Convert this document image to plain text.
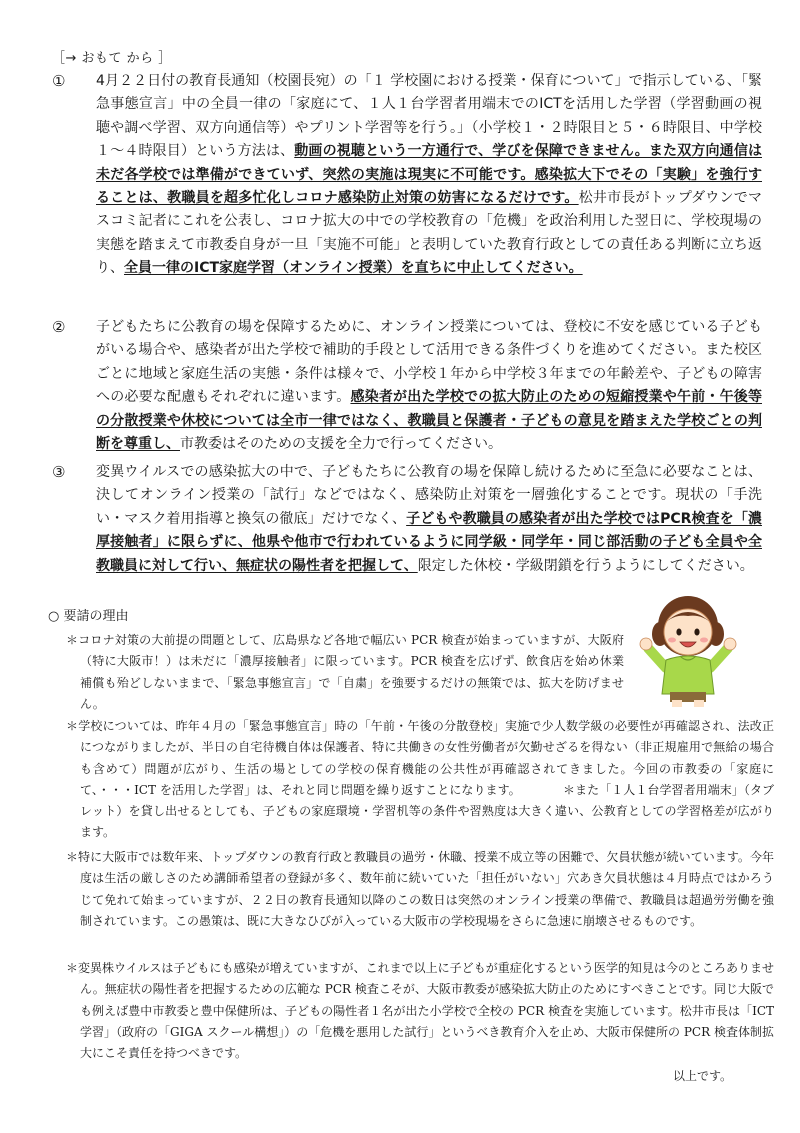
［→ おもて から ］
①	4月２２日付の教育長通知（校園長宛）の「１ 学校園における授業・保育について」で指示している、「緊急事態宣言」中の全員一律の「家庭にて、１人１台学習者用端末でのICTを活用した学習（学習動画の視聴や調べ学習、双方向通信等）やプリント学習等を行う。」（小学校１・２時限目と５・６時限目、中学校１～４時限目）という方法は、動画の視聴という一方通行で、学びを保障できません。また双方向通信は未だ各学校では準備ができていず、突然の実施は現実に不可能です。感染拡大下でその「実験」を強行することは、教職員を超多忙化しコロナ感染防止対策の妨害になるだけです。松井市長がトップダウンでマスコミ記者にこれを公表し、コロナ拡大の中での学校教育の「危機」を政治利用した翌日に、学校現場の実態を踏まえて市教委自身が一旦「実施不可能」と表明していた教育行政としての責任ある判断に立ち返り、全員一律のICT家庭学習（オンライン授業）を直ちに中止してください。
②	子どもたちに公教育の場を保障するために、オンライン授業については、登校に不安を感じている子どもがいる場合や、感染者が出た学校で補助的手段として活用できる条件づくりを進めてください。また校区ごとに地域と家庭生活の実態・条件は様々で、小学校１年から中学校３年までの年齢差や、子どもの障害への必要な配慮もそれぞれに違います。感染者が出た学校での拡大防止のための短縮授業や午前・午後等の分散授業や休校については全市一律ではなく、教職員と保護者・子どもの意見を踏まえた学校ごとの判断を尊重し、市教委はそのための支援を全力で行ってください。
③	変異ウイルスでの感染拡大の中で、子どもたちに公教育の場を保障し続けるために至急に必要なことは、決してオンライン授業の「試行」などではなく、感染防止対策を一層強化することです。現状の「手洗い・マスク着用指導と換気の徹底」だけでなく、子どもや教職員の感染者が出た学校ではPCR検査を「濃厚接触者」に限らずに、他県や他市で行われているように同学級・同学年・同じ部活動の子ども全員や全教職員に対して行い、無症状の陽性者を把握して、限定した休校・学級閉鎖を行うようにしてください。
○ 要請の理由
＊コロナ対策の大前提の問題として、広島県など各地で幅広い PCR 検査が始まっていますが、大阪府（特に大阪市！）は未だに「濃厚接触者」に限っています。PCR 検査を広げず、飲食店を始め休業補償も殆どしないままで、「緊急事態宣言」で「自粛」を強要するだけの無策では、拡大を防げません。
＊学校については、昨年４月の「緊急事態宣言」時の「午前・午後の分散登校」実施で少人数学級の必要性が再確認され、法改正につながりましたが、半日の自宅待機自体は保護者、特に共働きの女性労働者が欠勤せざるを得ない（非正規雇用で無給の場合も含めて）問題が広がり、生活の場としての学校の保育機能の公共性が再確認されてきました。今回の市教委の「家庭にて、・・・ICT を活用した学習」は、それと同じ問題を繰り返すことになります。　　　　＊また「１人１台学習者用端末」（タブレット）を貸し出せるとしても、子どもの家庭環境・学習机等の条件や習熟度は大きく違い、公教育としての学習格差が広がります。
＊特に大阪市では数年来、トップダウンの教育行政と教職員の過労・休職、授業不成立等の困難で、欠員状態が続いています。今年度は生活の厳しさのため講師希望者の登録が多く、数年前に続いていた「担任がいない」穴あき欠員状態は４月時点ではかろうじて免れて始まっていますが、２２日の教育長通知以降のこの数日は突然のオンライン授業の準備で、教職員は超過労労働を強制されています。この愚策は、既に大きなひびが入っている大阪市の学校現場をさらに急速に崩壊させるものです。
＊変異株ウイルスは子どもにも感染が増えていますが、これまで以上に子どもが重症化するという医学的知見は今のところありません。無症状の陽性者を把握するための広範な PCR 検査こそが、大阪市教委が感染拡大防止のためにすべきことです。同じ大阪でも例えば豊中市教委と豊中保健所は、子どもの陽性者１名が出た小学校で全校の PCR 検査を実施しています。松井市長は「ICT 学習」（政府の「GIGA スクール構想」）の「危機を悪用した試行」というべき教育介入を止め、大阪市保健所の PCR 検査体制拡大にこそ責任を持つべきです。
以上です。
